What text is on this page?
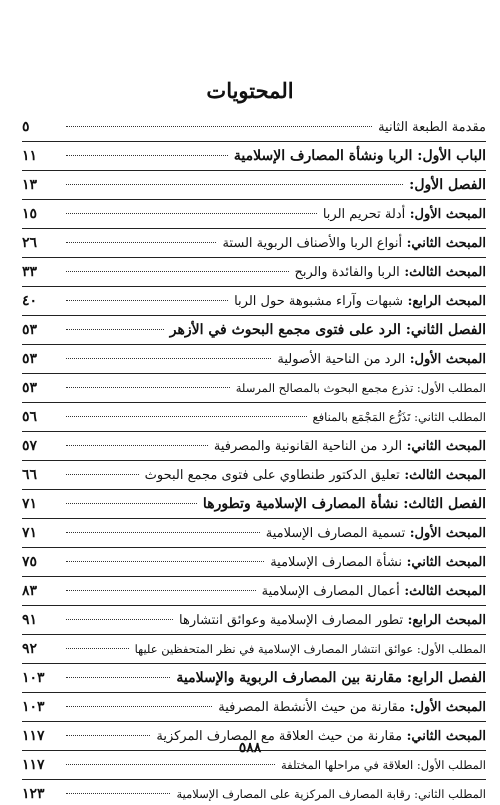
المحتويات
مقدمة الطبعة الثانية
٥
الباب الأول: الربا ونشأة المصارف الإسلامية
١١
الفصل الأول:
١٣
المبحث الأول: أدلة تحريم الربا
١٥
المبحث الثاني: أنواع الربا والأصناف الربوية الستة
٢٦
المبحث الثالث: الربا والفائدة والربح
٣٣
المبحث الرابع: شبهات وآراء مشبوهة حول الربا
٤٠
الفصل الثاني: الرد على فتوى مجمع البحوث في الأزهر
٥٣
المبحث الأول: الرد من الناحية الأصولية
٥٣
المطلب الأول: تذرع مجمع البحوث بالمصالح المرسلة
٥٣
المطلب الثاني: تَذَرُّع المَجْمَع بالمنافع
٥٦
المبحث الثاني: الرد من الناحية القانونية والمصرفية
٥٧
المبحث الثالث: تعليق الدكتور طنطاوي على فتوى مجمع البحوث
٦٦
الفصل الثالث: نشأة المصارف الإسلامية وتطورها
٧١
المبحث الأول: تسمية المصارف الإسلامية
٧١
المبحث الثاني: نشأة المصارف الإسلامية
٧٥
المبحث الثالث: أعمال المصارف الإسلامية
٨٣
المبحث الرابع: تطور المصارف الإسلامية وعوائق انتشارها
٩١
المطلب الأول: عوائق انتشار المصارف الإسلامية في نظر المتحفظين عليها
٩٢
الفصل الرابع: مقارنة بين المصارف الربوية والإسلامية
١٠٣
المبحث الأول: مقارنة من حيث الأنشطة المصرفية
١٠٣
المبحث الثاني: مقارنة من حيث العلاقة مع المصارف المركزية
١١٧
المطلب الأول: العلاقة في مراحلها المختلفة
١١٧
المطلب الثاني: رقابة المصارف المركزية على المصارف الإسلامية
١٢٣
٥٨٨
